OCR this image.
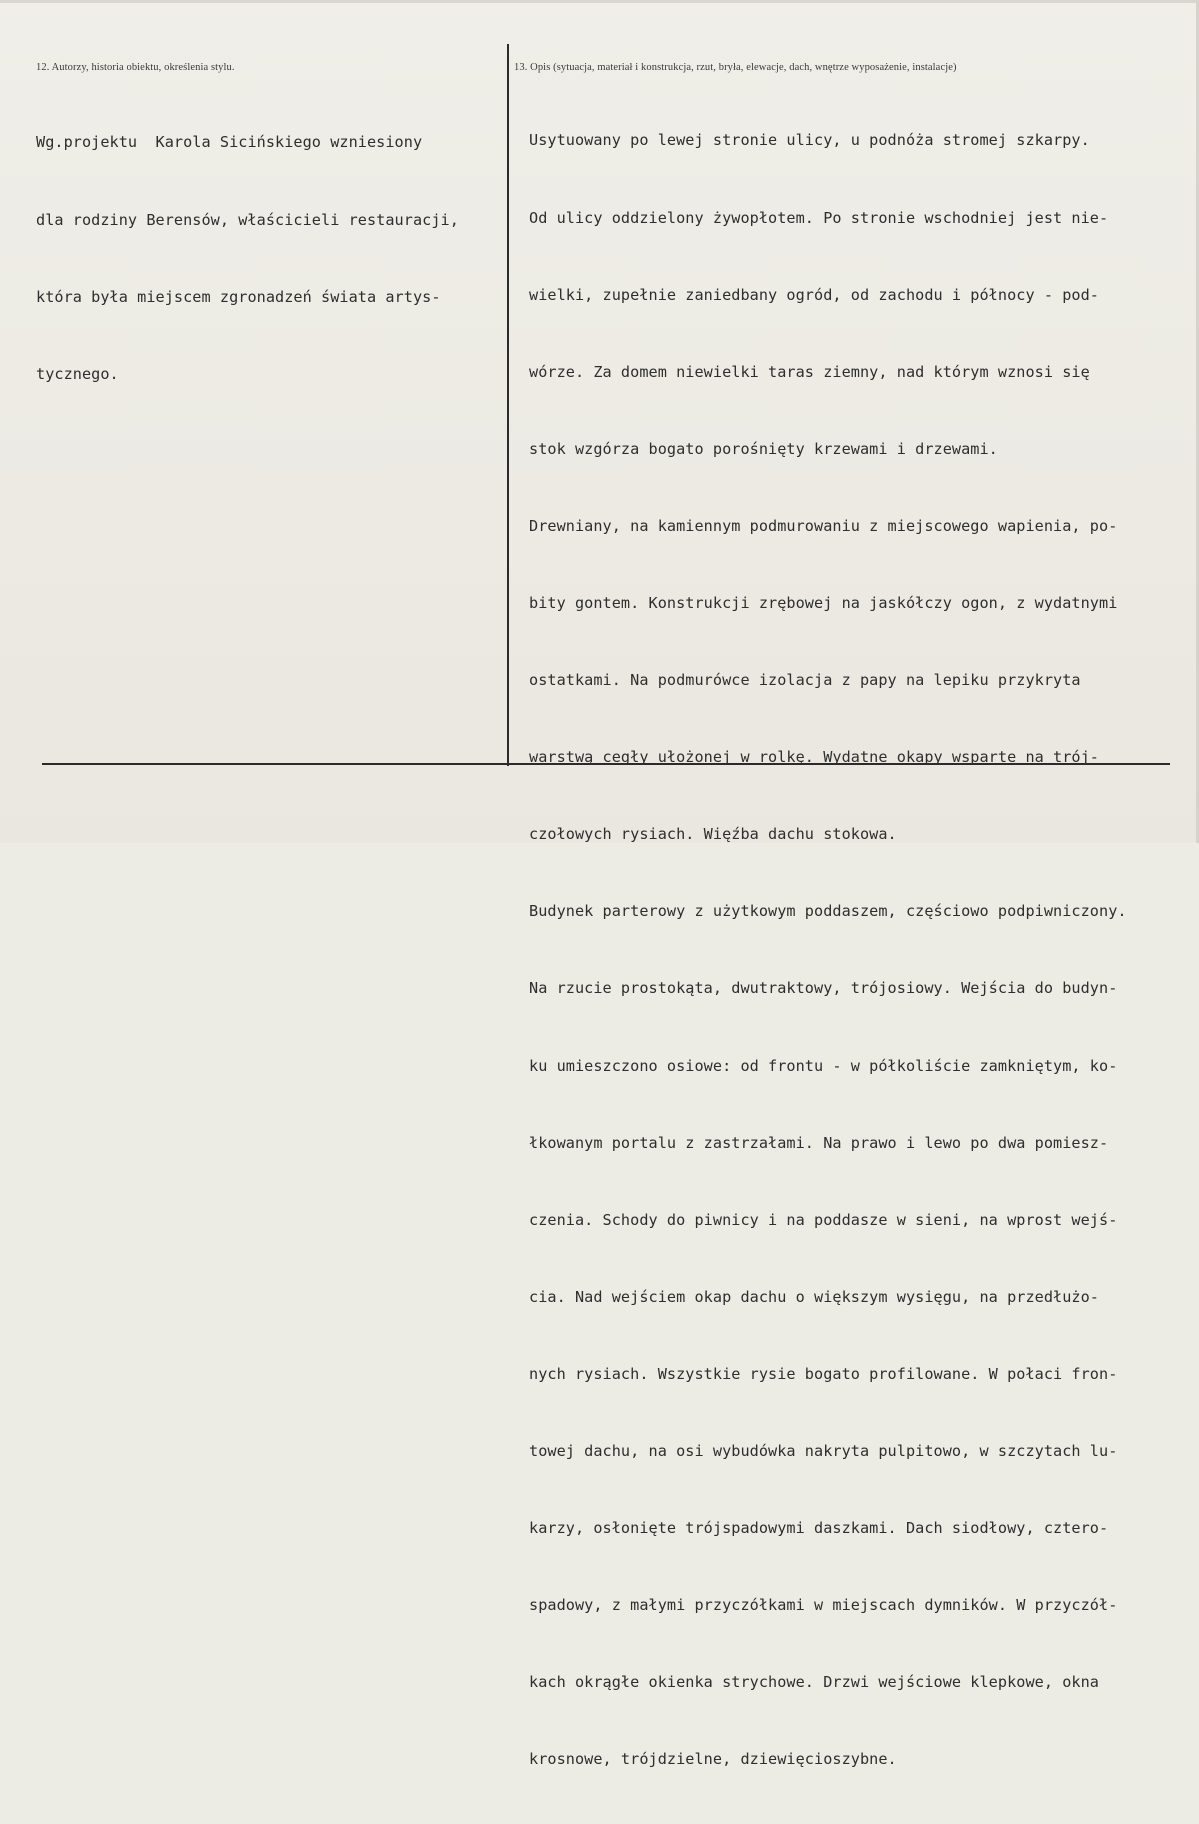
12. Autorzy, historia obiektu, określenia stylu.	13. Opis (sytuacja, materiał i konstrukcja, rzut, bryła, elewacje, dach, wnętrze wyposażenie, instalacje)

Wg.projektu  Karola Sicińskiego wzniesiony

dla rodziny Berensów, właścicieli restauracji,

która była miejscem zgronadzeń świata artys-

tycznego.

Usytuowany po lewej stronie ulicy, u podnóża stromej szkarpy.

Od ulicy oddzielony żywopłotem. Po stronie wschodniej jest nie-

wielki, zupełnie zaniedbany ogród, od zachodu i północy - pod-

wórze. Za domem niewielki taras ziemny, nad którym wznosi się

stok wzgórza bogato porośnięty krzewami i drzewami.

Drewniany, na kamiennym podmurowaniu z miejscowego wapienia, po-

bity gontem. Konstrukcji zrębowej na jaskółczy ogon, z wydatnymi

ostatkami. Na podmurówce izolacja z papy na lepiku przykryta

warstwą cegły ułożonej w rolkę. Wydatne okapy wsparte na trój-

czołowych rysiach. Więźba dachu stokowa.

Budynek parterowy z użytkowym poddaszem, częściowo podpiwniczony.

Na rzucie prostokąta, dwutraktowy, trójosiowy. Wejścia do budyn-

ku umieszczono osiowe: od frontu - w półkoliście zamkniętym, ko-

łkowanym portalu z zastrzałami. Na prawo i lewo po dwa pomiesz-

czenia. Schody do piwnicy i na poddasze w sieni, na wprost wejś-

cia. Nad wejściem okap dachu o większym wysięgu, na przedłużo-

nych rysiach. Wszystkie rysie bogato profilowane. W połaci fron-

towej dachu, na osi wybudówka nakryta pulpitowo, w szczytach lu-

karzy, osłonięte trójspadowymi daszkami. Dach siodłowy, cztero-

spadowy, z małymi przyczółkami w miejscach dymników. W przyczół-

kach okrągłe okienka strychowe. Drzwi wejściowe klepkowe, okna

krosnowe, trójdzielne, dziewięcioszybne.
